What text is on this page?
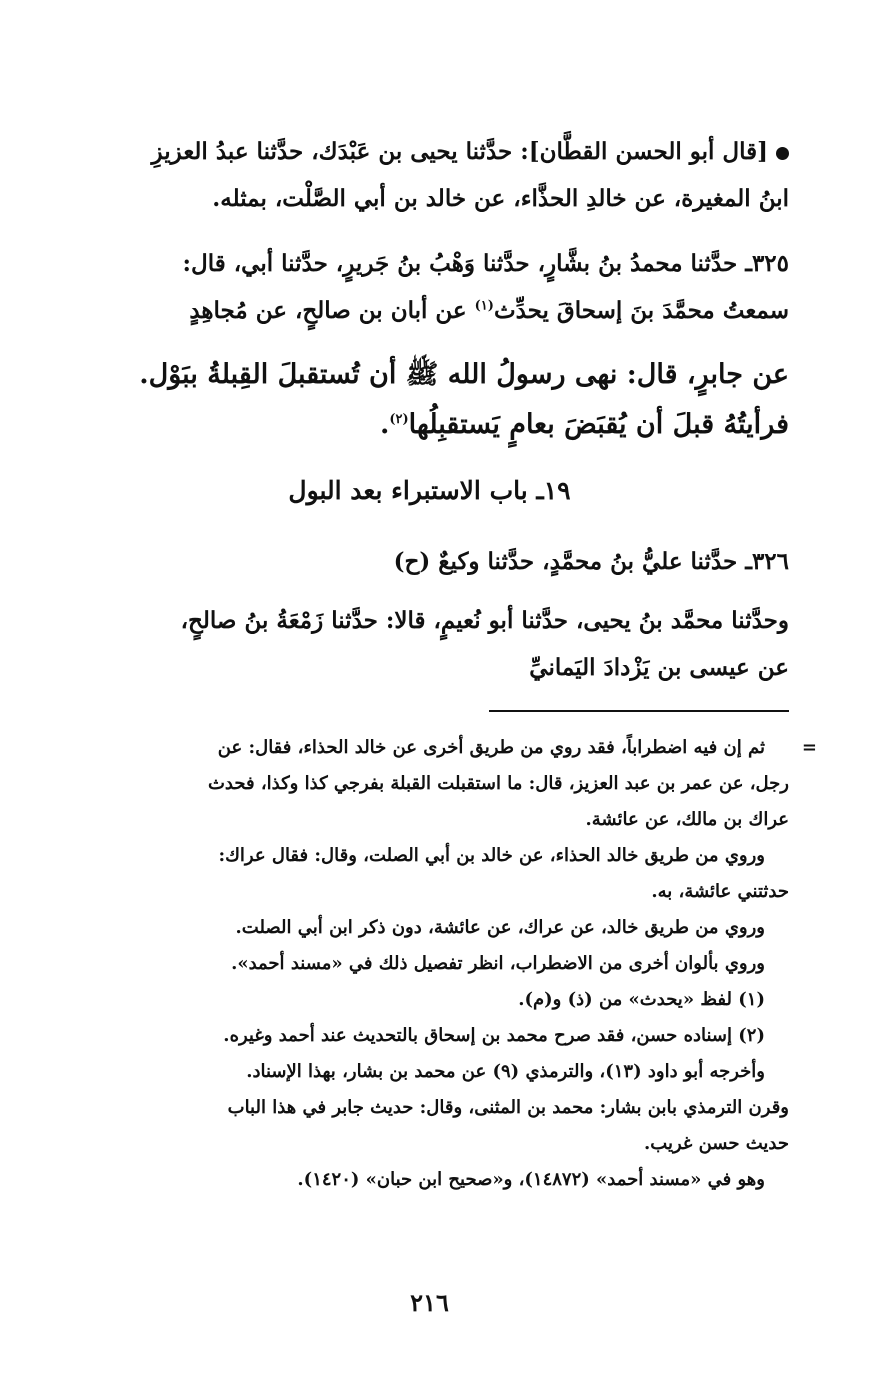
[قال أبو الحسن القطَّان]: حدَّثنا يحيى بن عَبْدَك، حدَّثنا عبدُ العزيزِ
ابنُ المغيرة، عن خالدِ الحذَّاء، عن خالد بن أبي الصَّلْت، بمثله.
٣٢٥ـ حدَّثنا محمدُ بنُ بشَّارٍ، حدَّثنا وَهْبُ بنُ جَريرٍ، حدَّثنا أبي، قال:
سمعتُ محمَّدَ بنَ إسحاقَ يحدِّث$^{(١)}$ عن أبان بن صالحٍ، عن مُجاهِدٍ
عن جابرٍ، قال: نهى رسولُ الله ﷺ أن تُستقبلَ القِبلةُ ببَوْل.
فرأيتُهُ قبلَ أن يُقبَضَ بعامٍ يَستقبِلُها$^{(٢)}$.
١٩ـ باب الاستبراء بعد البول
٣٢٦ـ حدَّثنا عليُّ بنُ محمَّدٍ، حدَّثنا وكيعٌ (ح)
وحدَّثنا محمَّد بنُ يحيى، حدَّثنا أبو نُعيمٍ، قالا: حدَّثنا زَمْعَةُ بنُ صالحٍ،
عن عيسى بن يَزْدادَ اليَمانيِّ
=
ثم إن فيه اضطراباً، فقد روي من طريق أخرى عن خالد الحذاء، فقال: عن
رجل، عن عمر بن عبد العزيز، قال: ما استقبلت القبلة بفرجي كذا وكذا، فحدث
عراك بن مالك، عن عائشة.
وروي من طريق خالد الحذاء، عن خالد بن أبي الصلت، وقال: فقال عراك:
حدثتني عائشة، به.
وروي من طريق خالد، عن عراك، عن عائشة، دون ذكر ابن أبي الصلت.
وروي بألوان أخرى من الاضطراب، انظر تفصيل ذلك في «مسند أحمد».
(١) لفظ «يحدث» من (ذ) و(م).
(٢) إسناده حسن، فقد صرح محمد بن إسحاق بالتحديث عند أحمد وغيره.
وأخرجه أبو داود (١٣)، والترمذي (٩) عن محمد بن بشار، بهذا الإسناد.
وقرن الترمذي بابن بشار: محمد بن المثنى، وقال: حديث جابر في هذا الباب
حديث حسن غريب.
وهو في «مسند أحمد» (١٤٨٧٢)، و«صحيح ابن حبان» (١٤٢٠).
٢١٦
